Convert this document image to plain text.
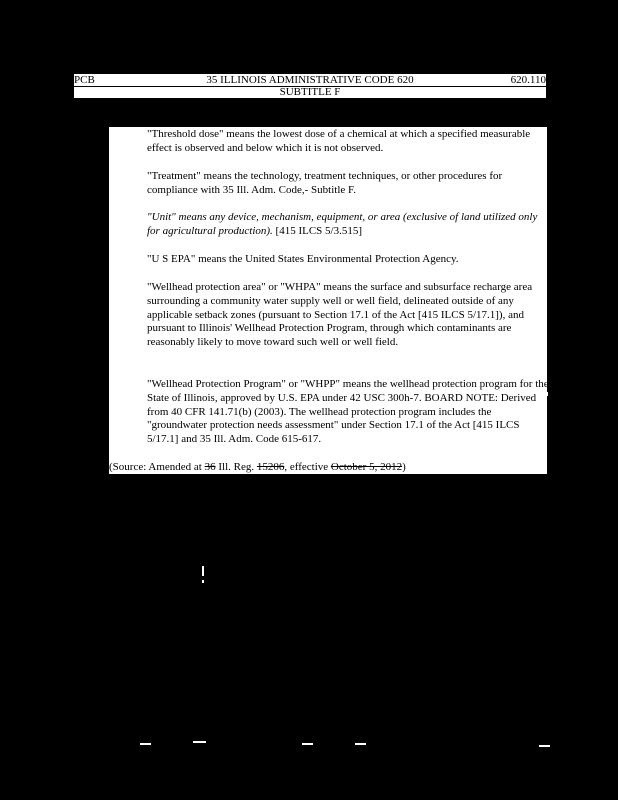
35 ILLINOIS ADMINISTRATIVE CODE 620
PCB	620.110
SUBTITLE F

"Threshold dose" means the lowest dose of a chemical at which a specified measurable effect is observed and below which it is not observed.

"Treatment" means the technology, treatment techniques, or other procedures for compliance with 35 Ill. Adm. Code,- Subtitle F.

"Unit" means any device, mechanism, equipment, or area (exclusive of land utilized only for agricultural production). [415 ILCS 5/3.515]

"U S EPA" means the United States Environmental Protection Agency.

"Wellhead protection area" or "WHPA" means the surface and subsurface recharge area surrounding a community water supply well or well field, delineated outside of any applicable setback zones (pursuant to Section 17.1 of the Act [415 ILCS 5/17.1]), and pursuant to Illinois' Wellhead Protection Program, through which contaminants are reasonably likely to move toward such well or well field.

"Wellhead Protection Program" or "WHPP" means the wellhead protection program for the State of Illinois, approved by U.S. EPA under 42 USC 300h-7. BOARD NOTE: Derived from 40 CFR 141.71(b) (2003). The wellhead protection program includes the "groundwater protection needs assessment" under Section 17.1 of the Act [415 ILCS 5/17.1] and 35 Ill. Adm. Code 615-617.

(Source: Amended at 36 Ill. Reg. 15206, effective October 5, 2012)
